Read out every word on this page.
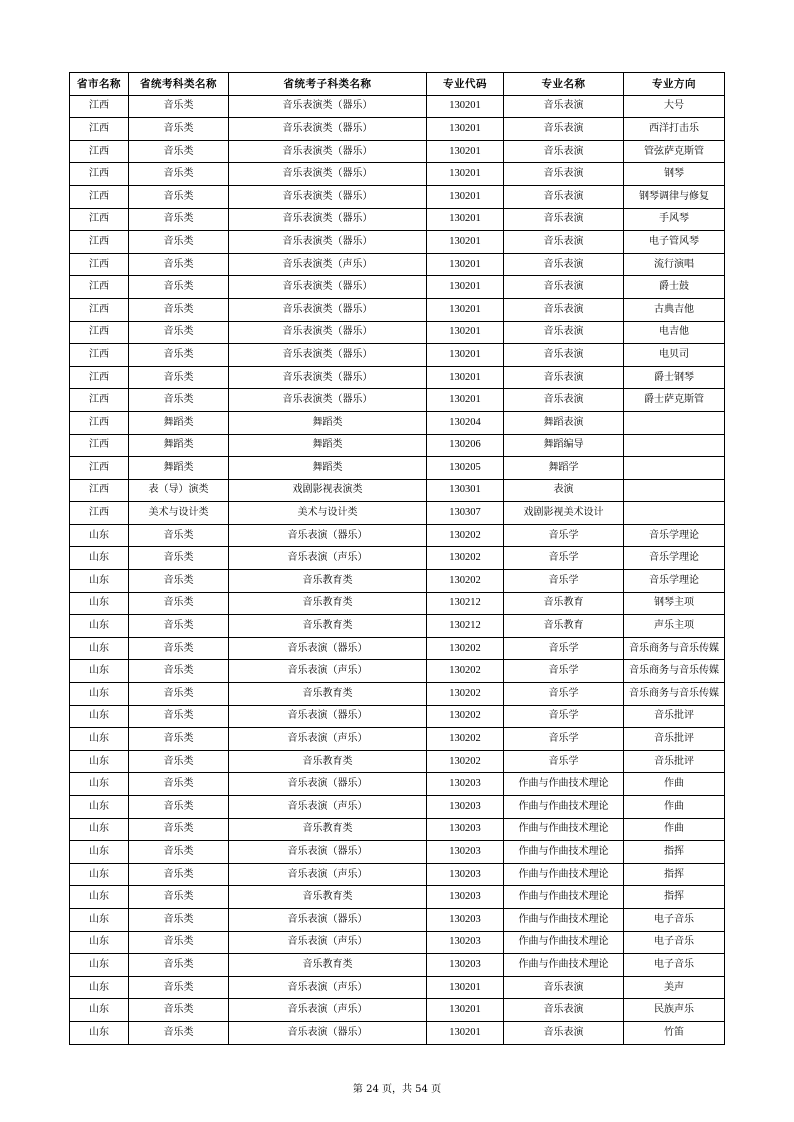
省市名称	省统考科类名称	省统考子科类名称	专业代码	专业名称	专业方向
江西	音乐类	音乐表演类（器乐）	130201	音乐表演	大号
江西	音乐类	音乐表演类（器乐）	130201	音乐表演	西洋打击乐
江西	音乐类	音乐表演类（器乐）	130201	音乐表演	管弦萨克斯管
江西	音乐类	音乐表演类（器乐）	130201	音乐表演	钢琴
江西	音乐类	音乐表演类（器乐）	130201	音乐表演	钢琴调律与修复
江西	音乐类	音乐表演类（器乐）	130201	音乐表演	手风琴
江西	音乐类	音乐表演类（器乐）	130201	音乐表演	电子管风琴
江西	音乐类	音乐表演类（声乐）	130201	音乐表演	流行演唱
江西	音乐类	音乐表演类（器乐）	130201	音乐表演	爵士鼓
江西	音乐类	音乐表演类（器乐）	130201	音乐表演	古典吉他
江西	音乐类	音乐表演类（器乐）	130201	音乐表演	电吉他
江西	音乐类	音乐表演类（器乐）	130201	音乐表演	电贝司
江西	音乐类	音乐表演类（器乐）	130201	音乐表演	爵士钢琴
江西	音乐类	音乐表演类（器乐）	130201	音乐表演	爵士萨克斯管
江西	舞蹈类	舞蹈类	130204	舞蹈表演	
江西	舞蹈类	舞蹈类	130206	舞蹈编导	
江西	舞蹈类	舞蹈类	130205	舞蹈学	
江西	表（导）演类	戏剧影视表演类	130301	表演	
江西	美术与设计类	美术与设计类	130307	戏剧影视美术设计	
山东	音乐类	音乐表演（器乐）	130202	音乐学	音乐学理论
山东	音乐类	音乐表演（声乐）	130202	音乐学	音乐学理论
山东	音乐类	音乐教育类	130202	音乐学	音乐学理论
山东	音乐类	音乐教育类	130212	音乐教育	钢琴主项
山东	音乐类	音乐教育类	130212	音乐教育	声乐主项
山东	音乐类	音乐表演（器乐）	130202	音乐学	音乐商务与音乐传媒
山东	音乐类	音乐表演（声乐）	130202	音乐学	音乐商务与音乐传媒
山东	音乐类	音乐教育类	130202	音乐学	音乐商务与音乐传媒
山东	音乐类	音乐表演（器乐）	130202	音乐学	音乐批评
山东	音乐类	音乐表演（声乐）	130202	音乐学	音乐批评
山东	音乐类	音乐教育类	130202	音乐学	音乐批评
山东	音乐类	音乐表演（器乐）	130203	作曲与作曲技术理论	作曲
山东	音乐类	音乐表演（声乐）	130203	作曲与作曲技术理论	作曲
山东	音乐类	音乐教育类	130203	作曲与作曲技术理论	作曲
山东	音乐类	音乐表演（器乐）	130203	作曲与作曲技术理论	指挥
山东	音乐类	音乐表演（声乐）	130203	作曲与作曲技术理论	指挥
山东	音乐类	音乐教育类	130203	作曲与作曲技术理论	指挥
山东	音乐类	音乐表演（器乐）	130203	作曲与作曲技术理论	电子音乐
山东	音乐类	音乐表演（声乐）	130203	作曲与作曲技术理论	电子音乐
山东	音乐类	音乐教育类	130203	作曲与作曲技术理论	电子音乐
山东	音乐类	音乐表演（声乐）	130201	音乐表演	美声
山东	音乐类	音乐表演（声乐）	130201	音乐表演	民族声乐
山东	音乐类	音乐表演（器乐）	130201	音乐表演	竹笛
第 24 页，共 54 页
